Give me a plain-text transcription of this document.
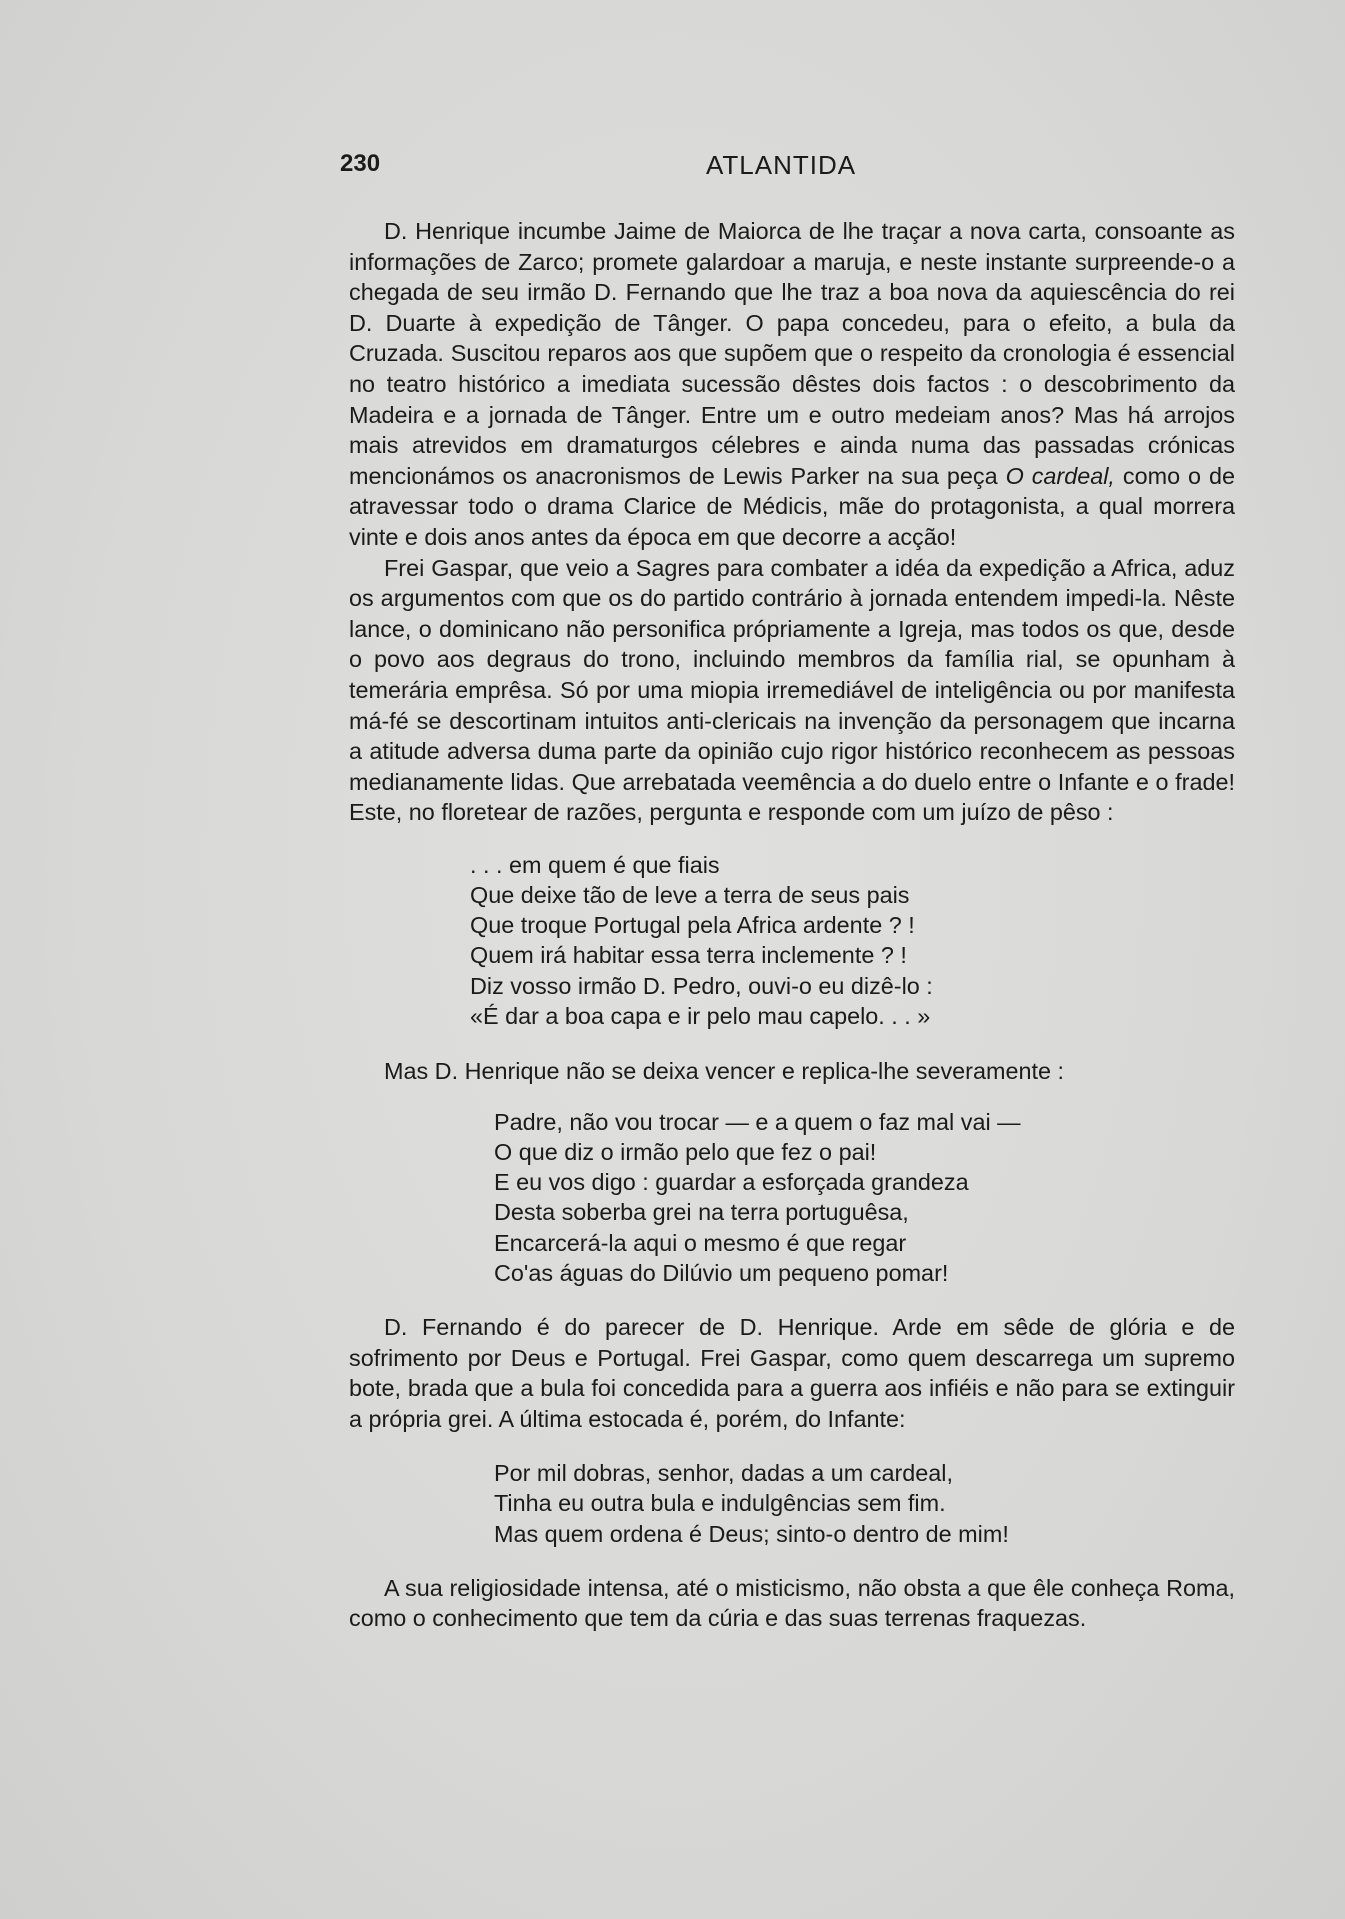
230	ATLANTIDA

D. Henrique incumbe Jaime de Maiorca de lhe traçar a nova carta, consoante as informações de Zarco; promete galardoar a maruja, e neste instante surpreende-o a chegada de seu irmão D. Fernando que lhe traz a boa nova da aquiescência do rei D. Duarte à expedição de Tânger. O papa concedeu, para o efeito, a bula da Cruzada. Suscitou reparos aos que supõem que o respeito da cronologia é essencial no teatro histórico a imediata sucessão dêstes dois factos : o descobrimento da Madeira e a jornada de Tânger. Entre um e outro medeiam anos? Mas há arrojos mais atrevidos em dramaturgos célebres e ainda numa das passadas crónicas mencionámos os anacronismos de Lewis Parker na sua peça O cardeal, como o de atravessar todo o drama Clarice de Médicis, mãe do protagonista, a qual morrera vinte e dois anos antes da época em que decorre a acção!

Frei Gaspar, que veio a Sagres para combater a idéa da expedição a Africa, aduz os argumentos com que os do partido contrário à jornada entendem impedi-la. Nêste lance, o dominicano não personifica própriamente a Igreja, mas todos os que, desde o povo aos degraus do trono, incluindo membros da família rial, se opunham à temerária emprêsa. Só por uma miopia irremediável de inteligência ou por manifesta má-fé se descortinam intuitos anti-clericais na invenção da personagem que incarna a atitude adversa duma parte da opinião cujo rigor histórico reconhecem as pessoas medianamente lidas. Que arrebatada veemência a do duelo entre o Infante e o frade! Este, no floretear de razões, pergunta e responde com um juízo de pêso :

. . . em quem é que fiais
Que deixe tão de leve a terra de seus pais
Que troque Portugal pela Africa ardente ? !
Quem irá habitar essa terra inclemente ? !
Diz vosso irmão D. Pedro, ouvi-o eu dizê-lo :
«É dar a boa capa e ir pelo mau capelo. . . »

Mas D. Henrique não se deixa vencer e replica-lhe severamente :

Padre, não vou trocar — e a quem o faz mal vai —
O que diz o irmão pelo que fez o pai!
E eu vos digo : guardar a esforçada grandeza
Desta soberba grei na terra portuguêsa,
Encarcerá-la aqui o mesmo é que regar
Co'as águas do Dilúvio um pequeno pomar!

D. Fernando é do parecer de D. Henrique. Arde em sêde de glória e de sofrimento por Deus e Portugal. Frei Gaspar, como quem descarrega um supremo bote, brada que a bula foi concedida para a guerra aos infiéis e não para se extinguir a própria grei. A última estocada é, porém, do Infante:

Por mil dobras, senhor, dadas a um cardeal,
Tinha eu outra bula e indulgências sem fim.
Mas quem ordena é Deus; sinto-o dentro de mim!

A sua religiosidade intensa, até o misticismo, não obsta a que êle conheça Roma, como o conhecimento que tem da cúria e das suas terrenas fraquezas.
